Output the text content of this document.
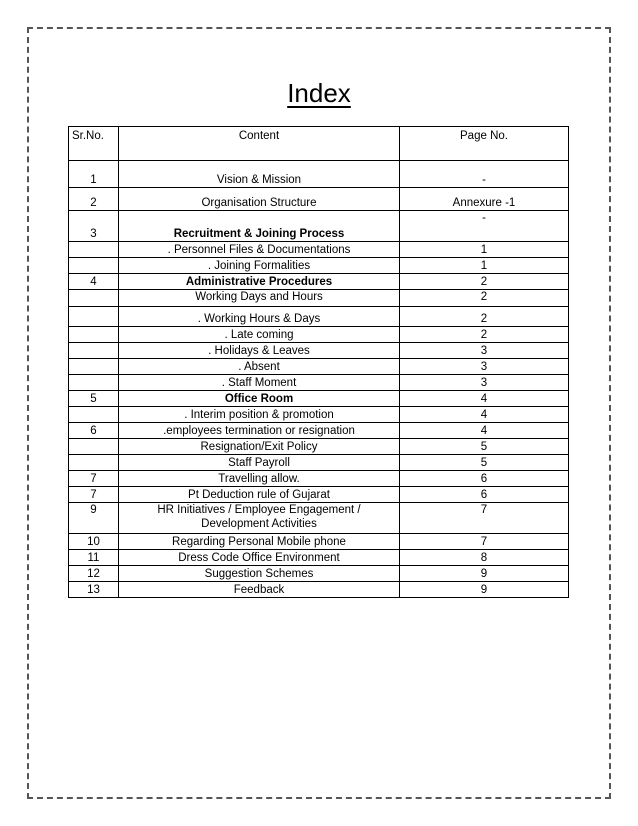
Index
Sr.No.	Content	Page No.
1	Vision & Mission	-
2	Organisation Structure	Annexure -1
3	Recruitment & Joining Process	-
	. Personnel Files & Documentations	1
	. Joining Formalities	1
4	Administrative Procedures	2
	Working Days and Hours	2
	. Working Hours & Days	2
	. Late coming	2
	. Holidays & Leaves	3
	. Absent	3
	. Staff Moment	3
5	Office Room	4
	. Interim position & promotion	4
6	.employees termination or resignation	4
	Resignation/Exit Policy	5
	Staff Payroll	5
7	Travelling allow.	6
7	Pt Deduction rule of Gujarat	6
9	HR Initiatives / Employee Engagement /
Development Activities	7
10	Regarding Personal Mobile phone	7
11	Dress Code Office Environment	8
12	Suggestion Schemes	9
13	Feedback	9
